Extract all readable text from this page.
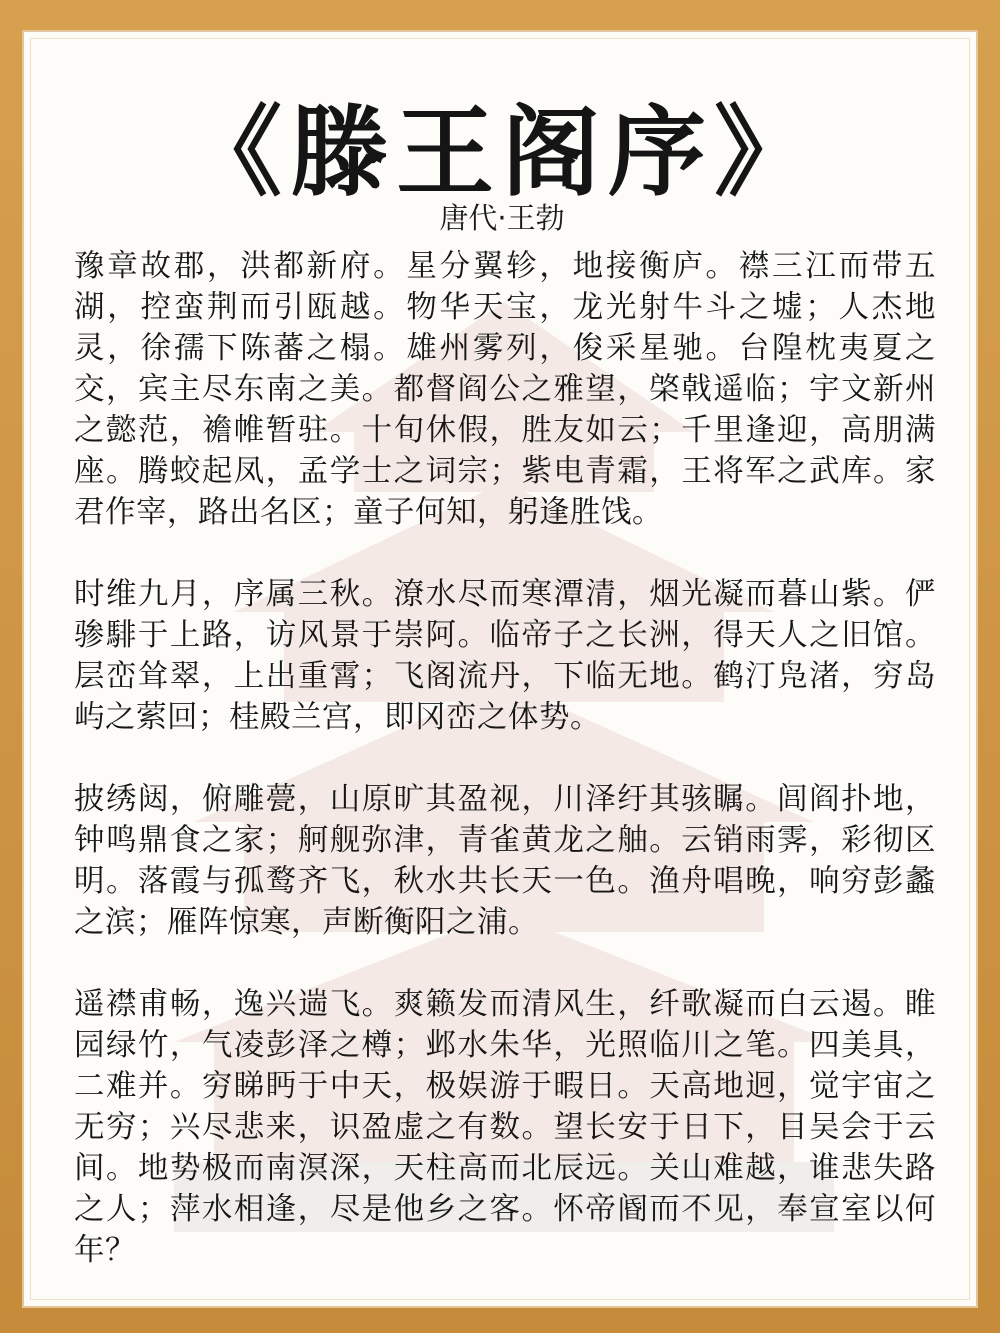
《滕王阁序》
唐代·王勃

豫章故郡，洪都新府。星分翼轸，地接衡庐。襟三江而带五湖，控蛮荆而引瓯越。物华天宝，龙光射牛斗之墟；人杰地灵，徐孺下陈蕃之榻。雄州雾列，俊采星驰。台隍枕夷夏之交，宾主尽东南之美。都督阎公之雅望，棨戟遥临；宇文新州之懿范，襜帷暂驻。十旬休假，胜友如云；千里逢迎，高朋满座。腾蛟起凤，孟学士之词宗；紫电青霜，王将军之武库。家君作宰，路出名区；童子何知，躬逢胜饯。

时维九月，序属三秋。潦水尽而寒潭清，烟光凝而暮山紫。俨骖騑于上路，访风景于崇阿。临帝子之长洲，得天人之旧馆。层峦耸翠，上出重霄；飞阁流丹，下临无地。鹤汀凫渚，穷岛屿之萦回；桂殿兰宫，即冈峦之体势。

披绣闼，俯雕甍，山原旷其盈视，川泽纡其骇瞩。闾阎扑地，钟鸣鼎食之家；舸舰弥津，青雀黄龙之舳。云销雨霁，彩彻区明。落霞与孤鹜齐飞，秋水共长天一色。渔舟唱晚，响穷彭蠡之滨；雁阵惊寒，声断衡阳之浦。

遥襟甫畅，逸兴遄飞。爽籁发而清风生，纤歌凝而白云遏。睢园绿竹，气凌彭泽之樽；邺水朱华，光照临川之笔。四美具，二难并。穷睇眄于中天，极娱游于暇日。天高地迥，觉宇宙之无穷；兴尽悲来，识盈虚之有数。望长安于日下，目吴会于云间。地势极而南溟深，天柱高而北辰远。关山难越，谁悲失路之人；萍水相逢，尽是他乡之客。怀帝阍而不见，奉宣室以何年？
